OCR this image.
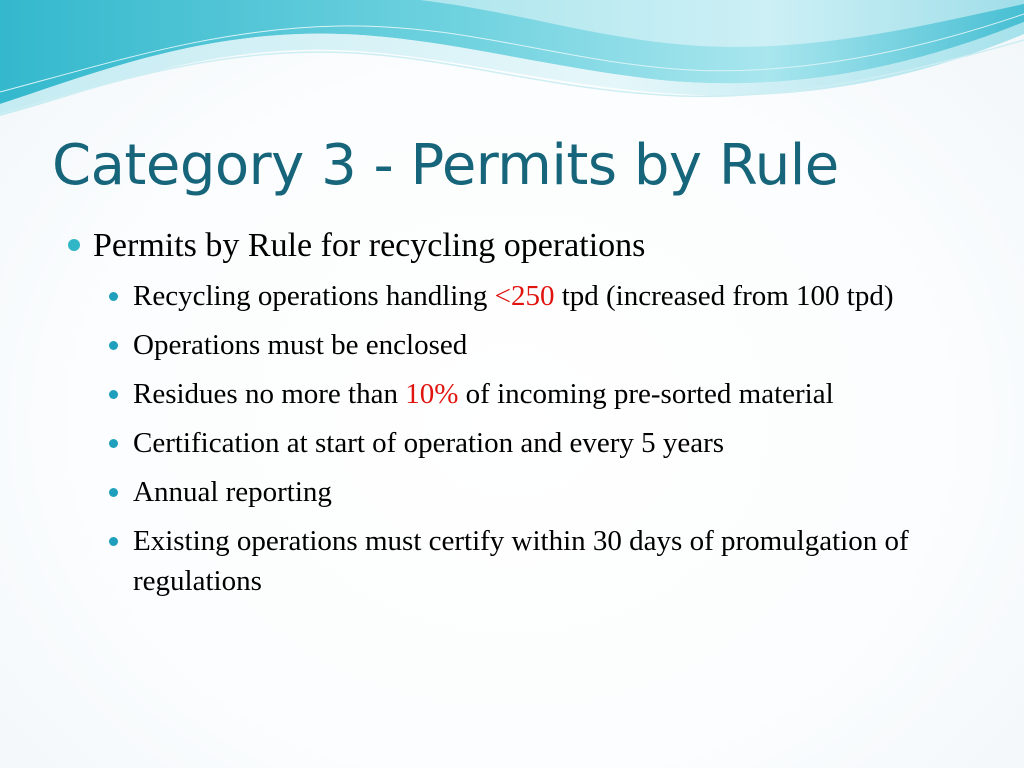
Category 3 - Permits by Rule
Permits by Rule for recycling operations
Recycling operations handling <250 tpd (increased from 100 tpd)
Operations must be enclosed
Residues no more than 10% of incoming pre-sorted material
Certification at start of operation and every 5 years
Annual reporting
Existing operations must certify within 30 days of promulgation of regulations
